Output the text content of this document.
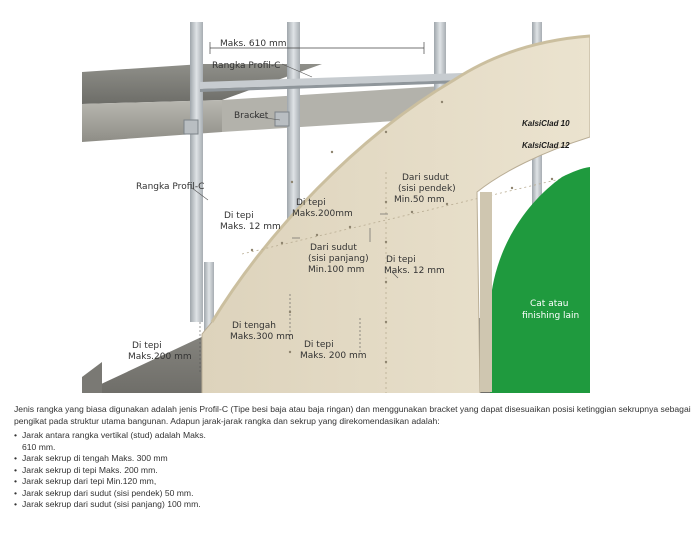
Maks. 610 mm
Rangka Profil-C
Bracket
Rangka Profil-C
Di tepi
Maks. 12 mm
Di tepi
Maks.200mm
Dari sudut
(sisi pendek)
Min.50 mm
Dari sudut
(sisi panjang)
Min.100 mm
Di tepi
Maks. 12 mm
Di tengah
Maks.300 mm
Di tepi
Maks. 200 mm
Di tepi
Maks.200 mm
Cat atau
finishing lain
KalsiClad 10
KalsiClad 12

Jenis rangka yang biasa digunakan adalah jenis Profil-C (Tipe besi baja atau baja ringan) dan menggunakan bracket yang dapat disesuaikan posisi ketinggian sekrupnya sebagai pengikat pada struktur utama bangunan. Adapun jarak-jarak rangka dan sekrup yang direkomendasikan adalah:

• Jarak antara rangka vertikal (stud) adalah Maks.
610 mm.
• Jarak sekrup di tengah Maks. 300 mm
• Jarak sekrup di tepi Maks. 200 mm.
• Jarak sekrup dari tepi Min.120 mm,
• Jarak sekrup dari sudut (sisi pendek) 50 mm.
• Jarak sekrup dari sudut (sisi panjang) 100 mm.
